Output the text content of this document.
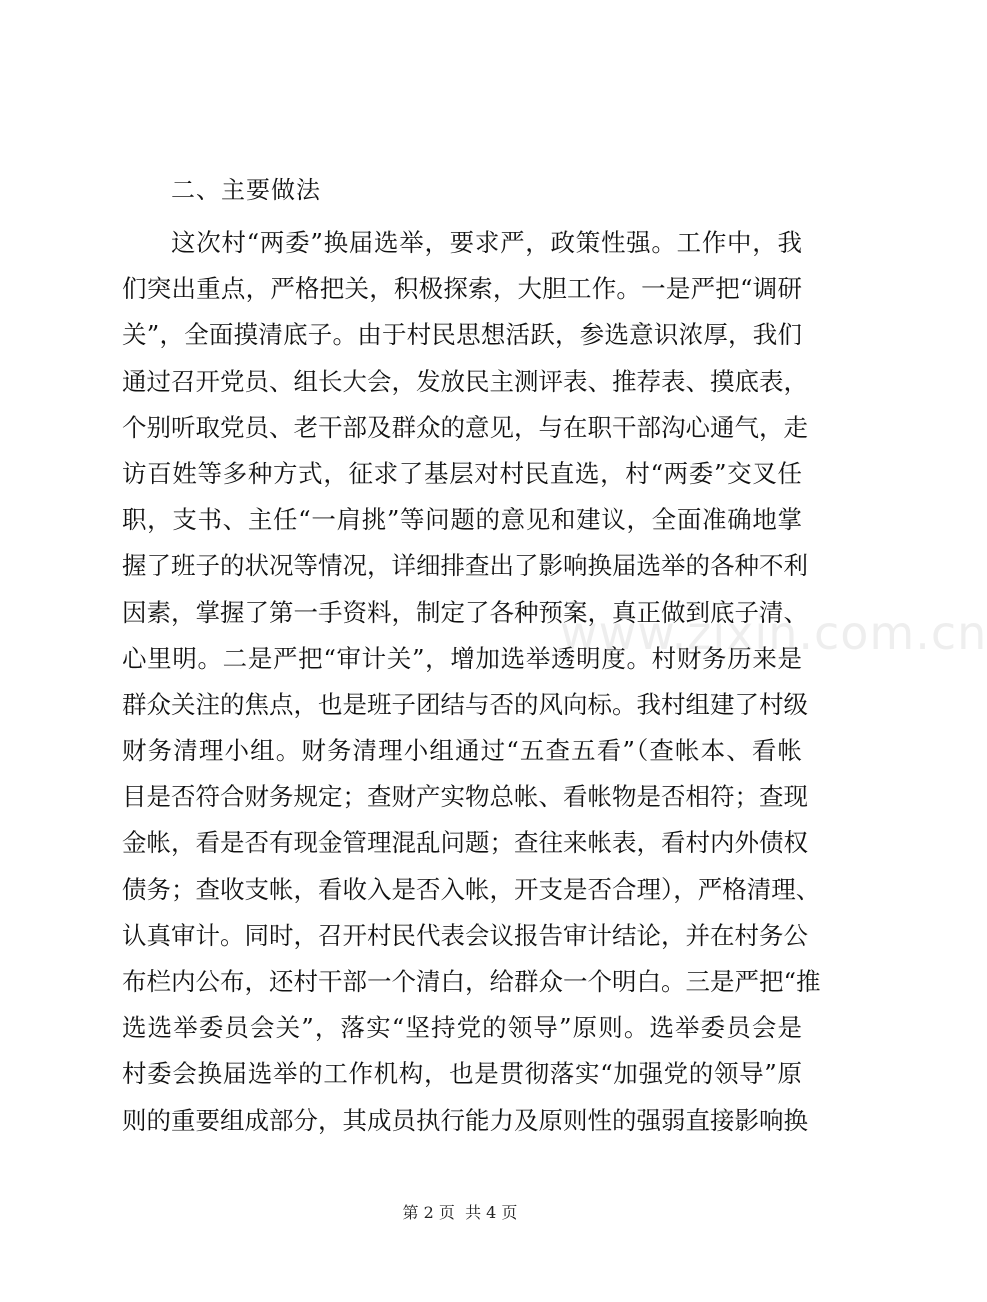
二、主要做法
这次村“两委”换届选举，要求严，政策性强。工作中，我
们突出重点，严格把关，积极探索，大胆工作。一是严把“调研
关”，全面摸清底子。由于村民思想活跃，参选意识浓厚，我们
通过召开党员、组长大会，发放民主测评表、推荐表、摸底表，
个别听取党员、老干部及群众的意见，与在职干部沟心通气，走
访百姓等多种方式，征求了基层对村民直选，村“两委”交叉任
职，支书、主任“一肩挑”等问题的意见和建议，全面准确地掌
握了班子的状况等情况，详细排查出了影响换届选举的各种不利
因素，掌握了第一手资料，制定了各种预案，真正做到底子清、
心里明。二是严把“审计关”，增加选举透明度。村财务历来是
群众关注的焦点，也是班子团结与否的风向标。我村组建了村级
财务清理小组。财务清理小组通过“五查五看”（查帐本、看帐
目是否符合财务规定；查财产实物总帐、看帐物是否相符；查现
金帐，看是否有现金管理混乱问题；查往来帐表，看村内外债权
债务；查收支帐，看收入是否入帐，开支是否合理），严格清理、
认真审计。同时，召开村民代表会议报告审计结论，并在村务公
布栏内公布，还村干部一个清白，给群众一个明白。三是严把“推
选选举委员会关”，落实“坚持党的领导”原则。选举委员会是
村委会换届选举的工作机构，也是贯彻落实“加强党的领导”原
则的重要组成部分，其成员执行能力及原则性的强弱直接影响换
www.zixin.com.cn
第 2 页  共 4 页
